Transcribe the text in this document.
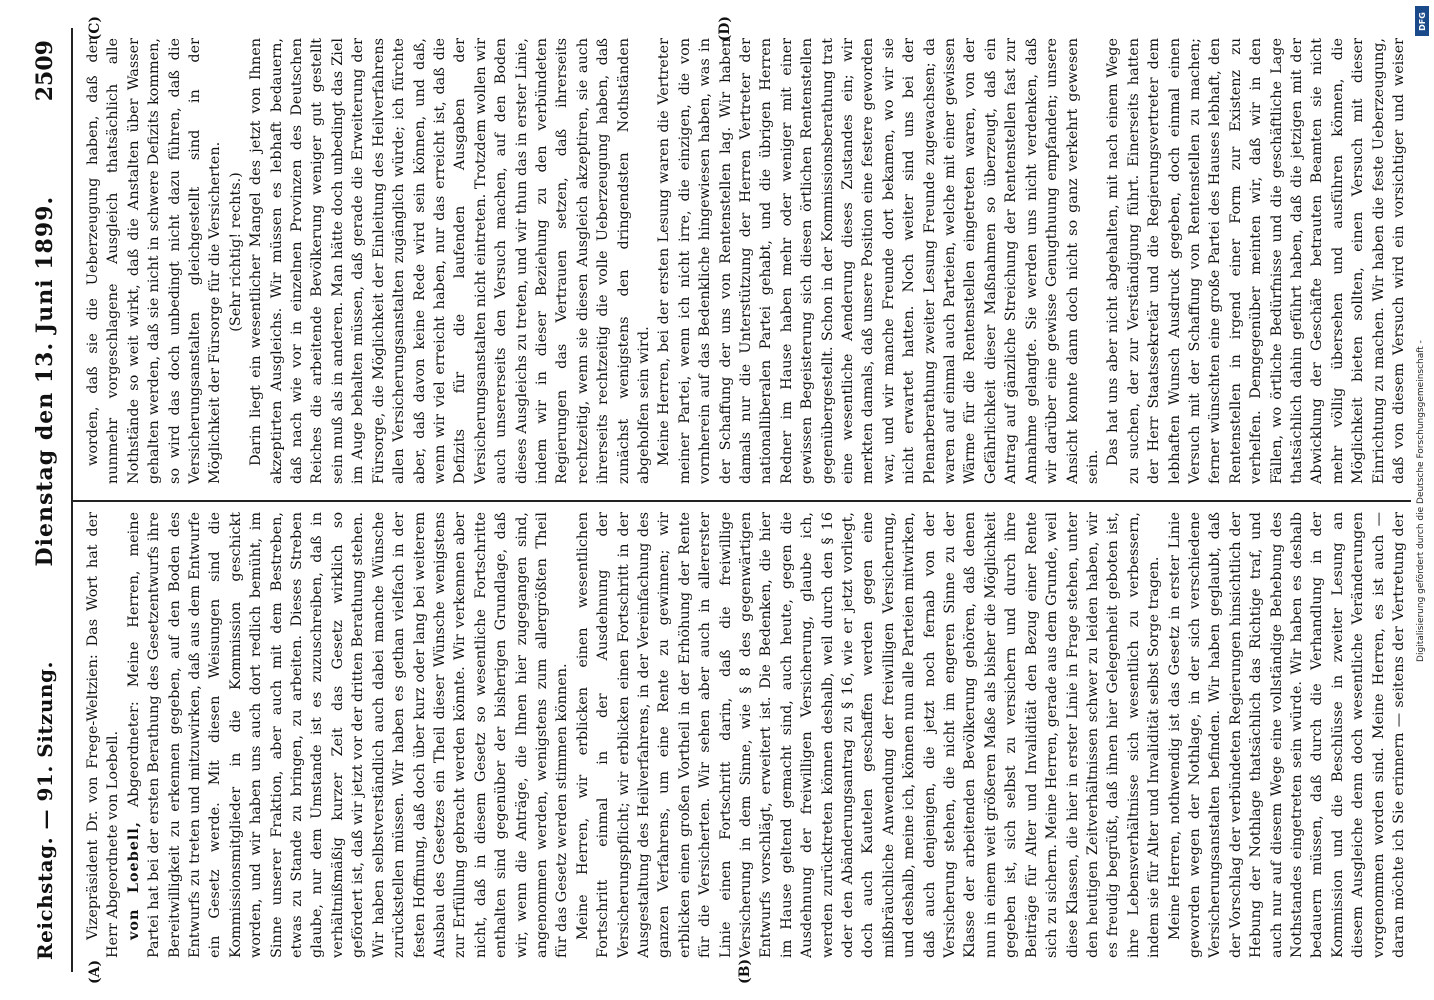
Reichstag. — 91. Sitzung.
Dienstag den 13. Juni 1899.
2509
(A)	(B)

Vizepräsident Dr. von Frege-Weltzien: Das Wort hat der Herr Abgeordnete von Loebell. von Loebell, Abgeordneter: Meine Herren, meine Partei hat bei der ersten Berathung des Gesetzentwurfs ihre Bereitwilligkeit zu erkennen gegeben, auf den Boden des Entwurfs zu treten und mitzuwirken, daß aus dem Entwurfe ein Gesetz werde. Mit diesen Weisungen sind die Kommissionsmitglieder in die Kommission geschickt worden, und wir haben uns auch dort redlich bemüht, im Sinne unserer Fraktion, aber auch mit dem Bestreben, etwas zu Stande zu bringen, zu arbeiten. Dieses Streben glaube, nur dem Umstande ist es zuzuschreiben, daß in verhältnißmäßig kurzer Zeit das Gesetz wirklich so gefördert ist, daß wir jetzt vor der dritten Berathung stehen. Wir haben selbstverständlich auch dabei manche Wünsche zurückstellen müssen. Wir haben es gethan vielfach in der festen Hoffnung, daß doch über kurz oder lang bei weiterem Ausbau des Gesetzes ein Theil dieser Wünsche wenigstens zur Erfüllung gebracht werden könnte. Wir verkennen aber nicht, daß in diesem Gesetz so wesentliche Fortschritte enthalten sind gegenüber der bisherigen Grundlage, daß wir, wenn die Anträge, die Ihnen hier zugegangen sind, angenommen werden, wenigstens zum allergrößten Theil für das Gesetz werden stimmen können. Meine Herren, wir erblicken einen wesentlichen Fortschritt einmal in der Ausdehnung der Versicherungspflicht; wir erblicken einen Fortschritt in der Ausgestaltung des Heilverfahrens, in der Vereinfachung des ganzen Verfahrens, um eine Rente zu gewinnen; wir erblicken einen großen Vortheil in der Erhöhung der Rente für die Versicherten. Wir sehen aber auch in allererster Linie einen Fortschritt darin, daß die freiwillige Versicherung in dem Sinne, wie § 8 des gegenwärtigen Entwurfs vorschlägt, erweitert ist. Die Bedenken, die hier im Hause geltend gemacht sind, auch heute, gegen die Ausdehnung der freiwilligen Versicherung, glaube ich, werden zurücktreten können deshalb, weil durch den § 16 oder den Abänderungsantrag zu § 16, wie er jetzt vorliegt, doch auch Kautelen geschaffen werden gegen eine mißbräuchliche Anwendung der freiwilligen Versicherung, und deshalb, meine ich, können nun alle Parteien mitwirken, daß auch denjenigen, die jetzt noch fernab von der Versicherung stehen, die nicht im engeren Sinne zu der Klasse der arbeitenden Bevölkerung gehören, daß denen nun in einem weit größeren Maße als bisher die Möglichkeit gegeben ist, sich selbst zu versichern und durch ihre Beiträge für Alter und Invalidität den Bezug einer Rente sich zu sichern. Meine Herren, gerade aus dem Grunde, weil diese Klassen, die hier in erster Linie in Frage stehen, unter den heutigen Zeitverhältnissen schwer zu leiden haben, wir es freudig begrüßt, daß ihnen hier Gelegenheit geboten ist, ihre Lebensverhältnisse sich wesentlich zu verbessern, indem sie für Alter und Invalidität selbst Sorge tragen. Meine Herren, nothwendig ist das Gesetz in erster Linie geworden wegen der Nothlage, in der sich verschiedene Versicherungsanstalten befinden. Wir haben geglaubt, daß der Vorschlag der verbündeten Regierungen hinsichtlich der Hebung der Nothlage thatsächlich das Richtige traf, und auch nur auf diesem Wege eine vollständige Behebung des Nothstandes eingetreten sein würde. Wir haben es deshalb bedauern müssen, daß durch die Verhandlung in der Kommission und die Beschlüsse in zweiter Lesung an diesem Ausgleiche denn doch wesentliche Veränderungen vorgenommen worden sind. Meine Herren, es ist auch — daran möchte ich Sie erinnern — seitens der Vertretung der

worden, daß sie die Ueberzeugung haben, daß der nunmehr vorgeschlagene Ausgleich thatsächlich alle Nothstände so weit wirkt, daß die Anstalten über Wasser gehalten werden, daß sie nicht in schwere Defizits kommen, so wird das doch unbedingt nicht dazu führen, daß die Versicherungsanstalten gleichgestellt sind in der Möglichkeit der Fürsorge für die Versicherten. (Sehr richtig! rechts.) Darin liegt ein wesentlicher Mangel des jetzt von Ihnen akzeptirten Ausgleichs. Wir müssen es lebhaft bedauern, daß nach wie vor in einzelnen Provinzen des Deutschen Reiches die arbeitende Bevölkerung weniger gut gestellt sein muß als in anderen. Man hätte doch unbedingt das Ziel im Auge behalten müssen, daß gerade die Erweiterung der Fürsorge, die Möglichkeit der Einleitung des Heilverfahrens allen Versicherungsanstalten zugänglich würde; ich fürchte aber, daß davon keine Rede wird sein können, und daß, wenn wir viel erreicht haben, nur das erreicht ist, daß die Defizits für die laufenden Ausgaben der Versicherungsanstalten nicht eintreten. Trotzdem wollen wir auch unsererseits den Versuch machen, auf den Boden dieses Ausgleichs zu treten, und wir thun das in erster Linie, indem wir in dieser Beziehung zu den verbündeten Regierungen das Vertrauen setzen, daß ihrerseits rechtzeitig, wenn sie diesen Ausgleich akzeptiren, sie auch ihrerseits rechtzeitig die volle Ueberzeugung haben, daß zunächst wenigstens den dringendsten Nothständen abgeholfen sein wird. Meine Herren, bei der ersten Lesung waren die Vertreter meiner Partei, wenn ich nicht irre, die einzigen, die von vornherein auf das Bedenkliche hingewiesen haben, was in der Schaffung der uns von Rentenstellen lag. Wir haben damals nur die Unterstützung der Herren Vertreter der nationalliberalen Partei gehabt, und die übrigen Herren Redner im Hause haben mehr oder weniger mit einer gewissen Begeisterung sich diesen örtlichen Rentenstellen gegenübergestellt. Schon in der Kommissionsberathung trat eine wesentliche Aenderung dieses Zustandes ein; wir merkten damals, daß unsere Position eine festere geworden war, und wir manche Freunde dort bekamen, wo wir sie nicht erwartet hatten. Noch weiter sind uns bei der Plenarberathung zweiter Lesung Freunde zugewachsen; da waren auf einmal auch Parteien, welche mit einer gewissen Wärme für die Rentenstellen eingetreten waren, von der Gefährlichkeit dieser Maßnahmen so überzeugt, daß ein Antrag auf gänzliche Streichung der Rentenstellen fast zur Annahme gelangte. Sie werden uns nicht verdenken, daß wir darüber eine gewisse Genugthuung empfanden; unsere Ansicht konnte dann doch nicht so ganz verkehrt gewesen sein. Das hat uns aber nicht abgehalten, mit nach einem Wege zu suchen, der zur Verständigung führt. Einerseits hatten der Herr Staatssekretär und die Regierungsvertreter dem lebhaften Wunsch Ausdruck gegeben, doch einmal einen Versuch mit der Schaffung von Rentenstellen zu machen; ferner wünschten eine große Partei des Hauses lebhaft, den Rentenstellen in irgend einer Form zur Existenz zu verhelfen. Demgegenüber meinten wir, daß wir in den Fällen, wo örtliche Bedürfnisse und die geschäftliche Lage thatsächlich dahin geführt haben, daß die jetzigen mit der Abwicklung der Geschäfte betrauten Beamten sie nicht mehr völlig übersehen und ausführen können, die Möglichkeit bieten sollten, einen Versuch mit dieser Einrichtung zu machen. Wir haben die feste Ueberzeugung, daß von diesem Versuch wird ein vorsichtiger und weiser

(C)	(D)	DFG
Digitalisierung gefördert durch die Deutsche Forschungsgemeinschaft -
